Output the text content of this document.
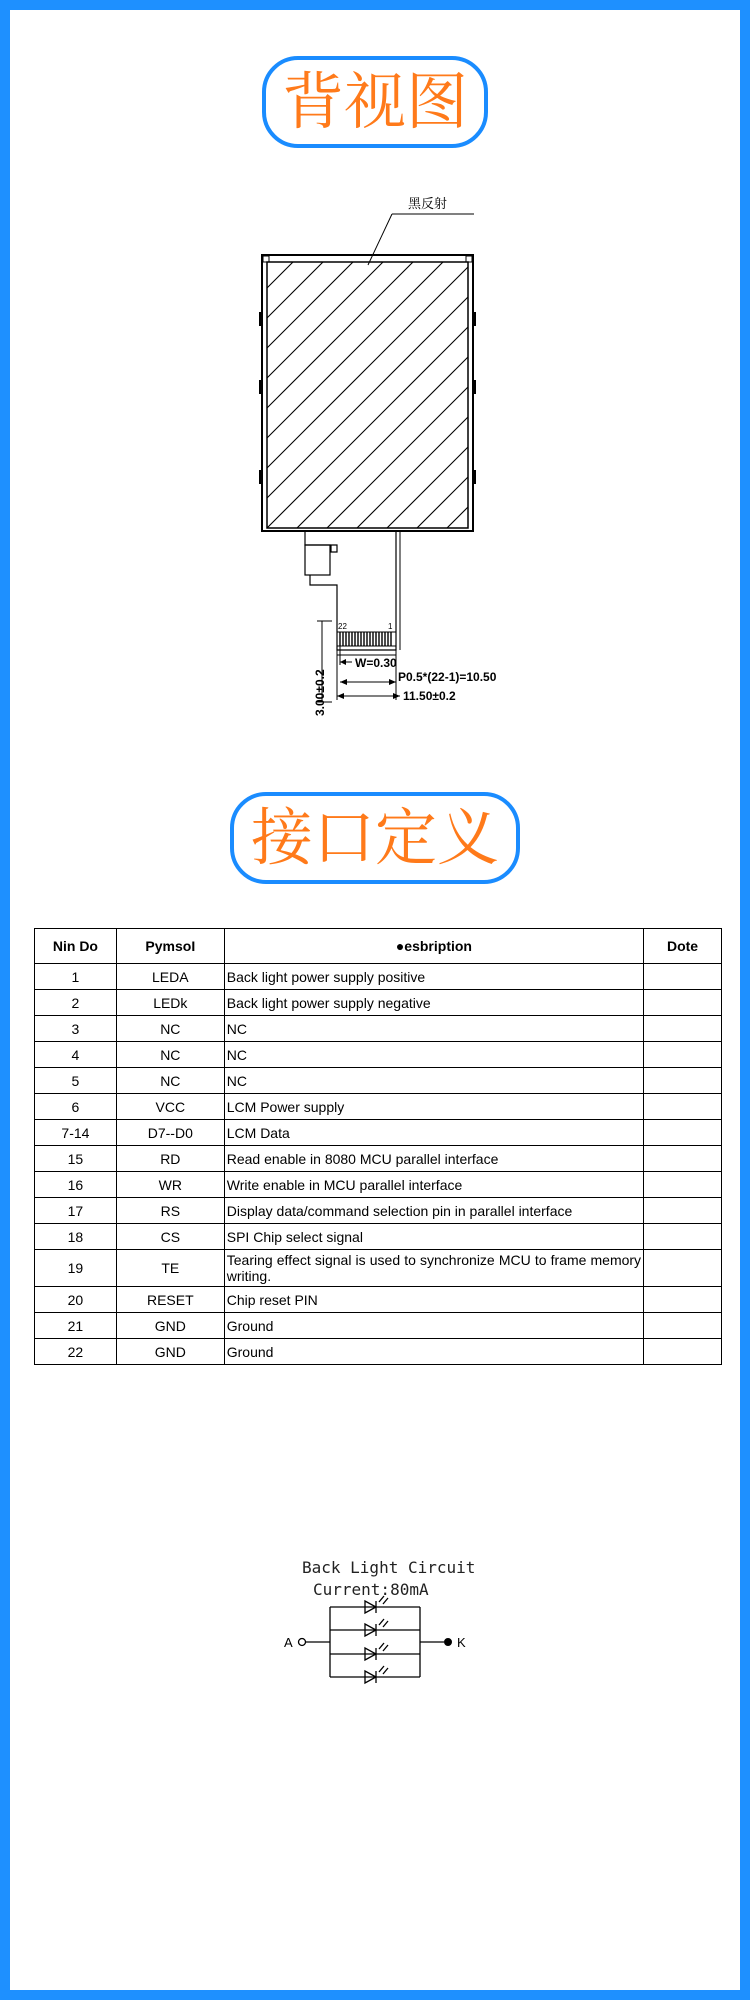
背视图
黑反射
22	1
3.00±0.2
W=0.30
P0.5*(22-1)=10.50
11.50±0.2
接口定义
Nin Do	PymsoI	●esbription	Dote
1	LEDA	Back light power supply positive	
2	LEDk	Back light power supply negative	
3	NC	NC	
4	NC	NC	
5	NC	NC	
6	VCC	LCM Power supply	
7-14	D7--D0	LCM Data	
15	RD	Read enable in 8080 MCU parallel interface	
16	WR	Write enable in MCU parallel interface	
17	RS	Display data/command selection pin in parallel interface	
18	CS	SPI Chip select signal	
19	TE	Tearing effect signal is used to synchronize MCU to frame memory writing.	
20	RESET	Chip reset PIN	
21	GND	Ground	
22	GND	Ground	
Back Light Circuit
Current:80mA
A	K
